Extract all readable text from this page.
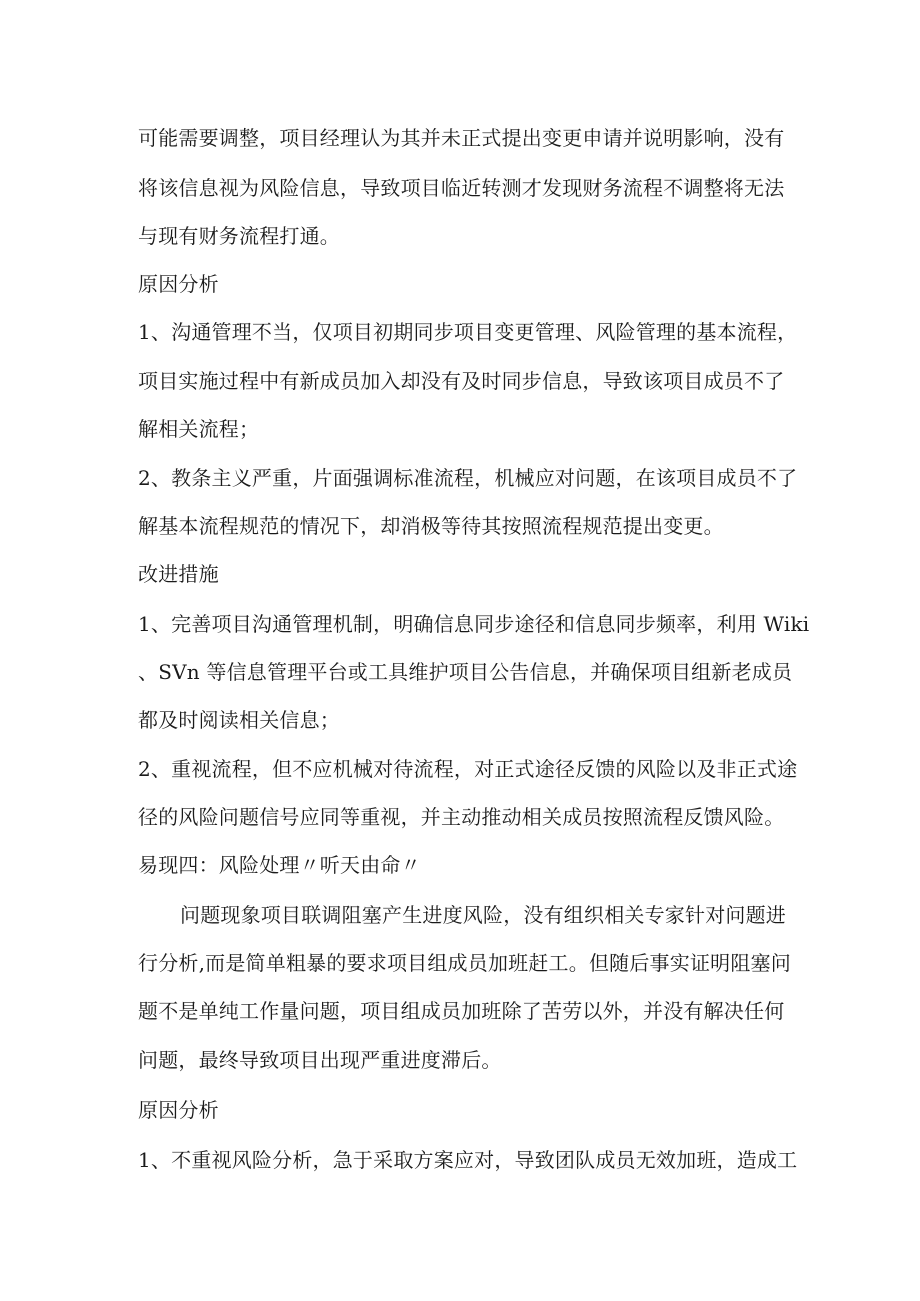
可能需要调整，项目经理认为其并未正式提出变更申请并说明影响，没有
将该信息视为风险信息，导致项目临近转测才发现财务流程不调整将无法
与现有财务流程打通。
原因分析
1、沟通管理不当，仅项目初期同步项目变更管理、风险管理的基本流程，
项目实施过程中有新成员加入却没有及时同步信息，导致该项目成员不了
解相关流程；
2、教条主义严重，片面强调标准流程，机械应对问题，在该项目成员不了
解基本流程规范的情况下，却消极等待其按照流程规范提出变更。
改进措施
1、完善项目沟通管理机制，明确信息同步途径和信息同步频率，利用 Wiki
、SVn 等信息管理平台或工具维护项目公告信息，并确保项目组新老成员
都及时阅读相关信息；
2、重视流程，但不应机械对待流程，对正式途径反馈的风险以及非正式途
径的风险问题信号应同等重视，并主动推动相关成员按照流程反馈风险。
易现四：风险处理〃听天由命〃
问题现象项目联调阻塞产生进度风险，没有组织相关专家针对问题进
行分析,而是简单粗暴的要求项目组成员加班赶工。但随后事实证明阻塞问
题不是单纯工作量问题，项目组成员加班除了苦劳以外，并没有解决任何
问题，最终导致项目出现严重进度滞后。
原因分析
1、不重视风险分析，急于采取方案应对，导致团队成员无效加班，造成工
